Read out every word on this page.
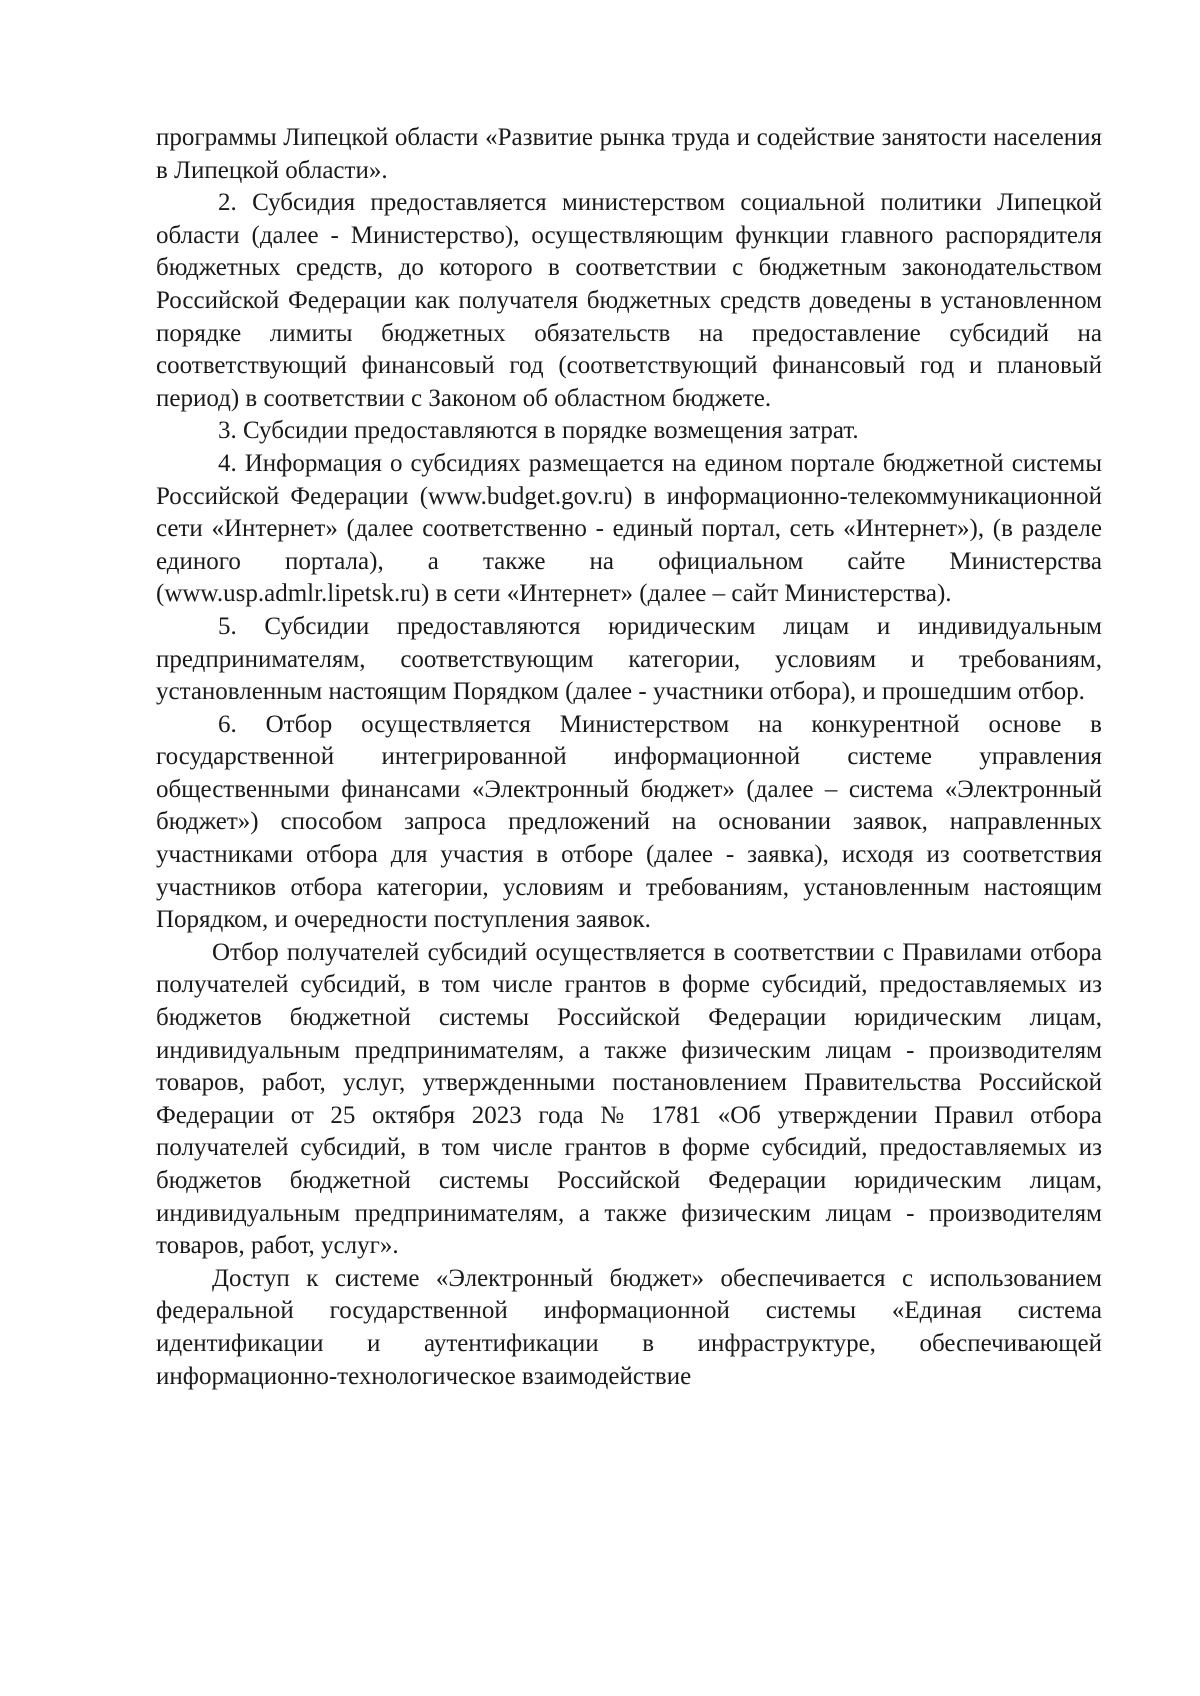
программы Липецкой области «Развитие рынка труда и содействие занятости населения в Липецкой области».

2. Субсидия предоставляется министерством социальной политики Липецкой области (далее - Министерство), осуществляющим функции главного распорядителя бюджетных средств, до которого в соответствии с бюджетным законодательством Российской Федерации как получателя бюджетных средств доведены в установленном порядке лимиты бюджетных обязательств на предоставление субсидий на соответствующий финансовый год (соответствующий финансовый год и плановый период) в соответствии с Законом об областном бюджете.

3. Субсидии предоставляются в порядке возмещения затрат.

4. Информация о субсидиях размещается на едином портале бюджетной системы Российской Федерации (www.budget.gov.ru) в информационно-телекоммуникационной сети «Интернет» (далее соответственно - единый портал, сеть «Интернет»), (в разделе единого портала), а также на официальном сайте Министерства (www.usp.admlr.lipetsk.ru) в сети «Интернет» (далее – сайт Министерства).

5. Субсидии предоставляются юридическим лицам и индивидуальным предпринимателям, соответствующим категории, условиям и требованиям, установленным настоящим Порядком (далее - участники отбора), и прошедшим отбор.

6. Отбор осуществляется Министерством на конкурентной основе в государственной интегрированной информационной системе управления общественными финансами «Электронный бюджет» (далее – система «Электронный бюджет») способом запроса предложений на основании заявок, направленных участниками отбора для участия в отборе (далее - заявка), исходя из соответствия участников отбора категории, условиям и требованиям, установленным настоящим Порядком, и очередности поступления заявок.

Отбор получателей субсидий осуществляется в соответствии с Правилами отбора получателей субсидий, в том числе грантов в форме субсидий, предоставляемых из бюджетов бюджетной системы Российской Федерации юридическим лицам, индивидуальным предпринимателям, а также физическим лицам - производителям товаров, работ, услуг, утвержденными постановлением Правительства Российской Федерации от 25 октября 2023 года № 1781 «Об утверждении Правил отбора получателей субсидий, в том числе грантов в форме субсидий, предоставляемых из бюджетов бюджетной системы Российской Федерации юридическим лицам, индивидуальным предпринимателям, а также физическим лицам - производителям товаров, работ, услуг».

Доступ к системе «Электронный бюджет» обеспечивается с использованием федеральной государственной информационной системы «Единая система идентификации и аутентификации в инфраструктуре, обеспечивающей информационно-технологическое взаимодействие
